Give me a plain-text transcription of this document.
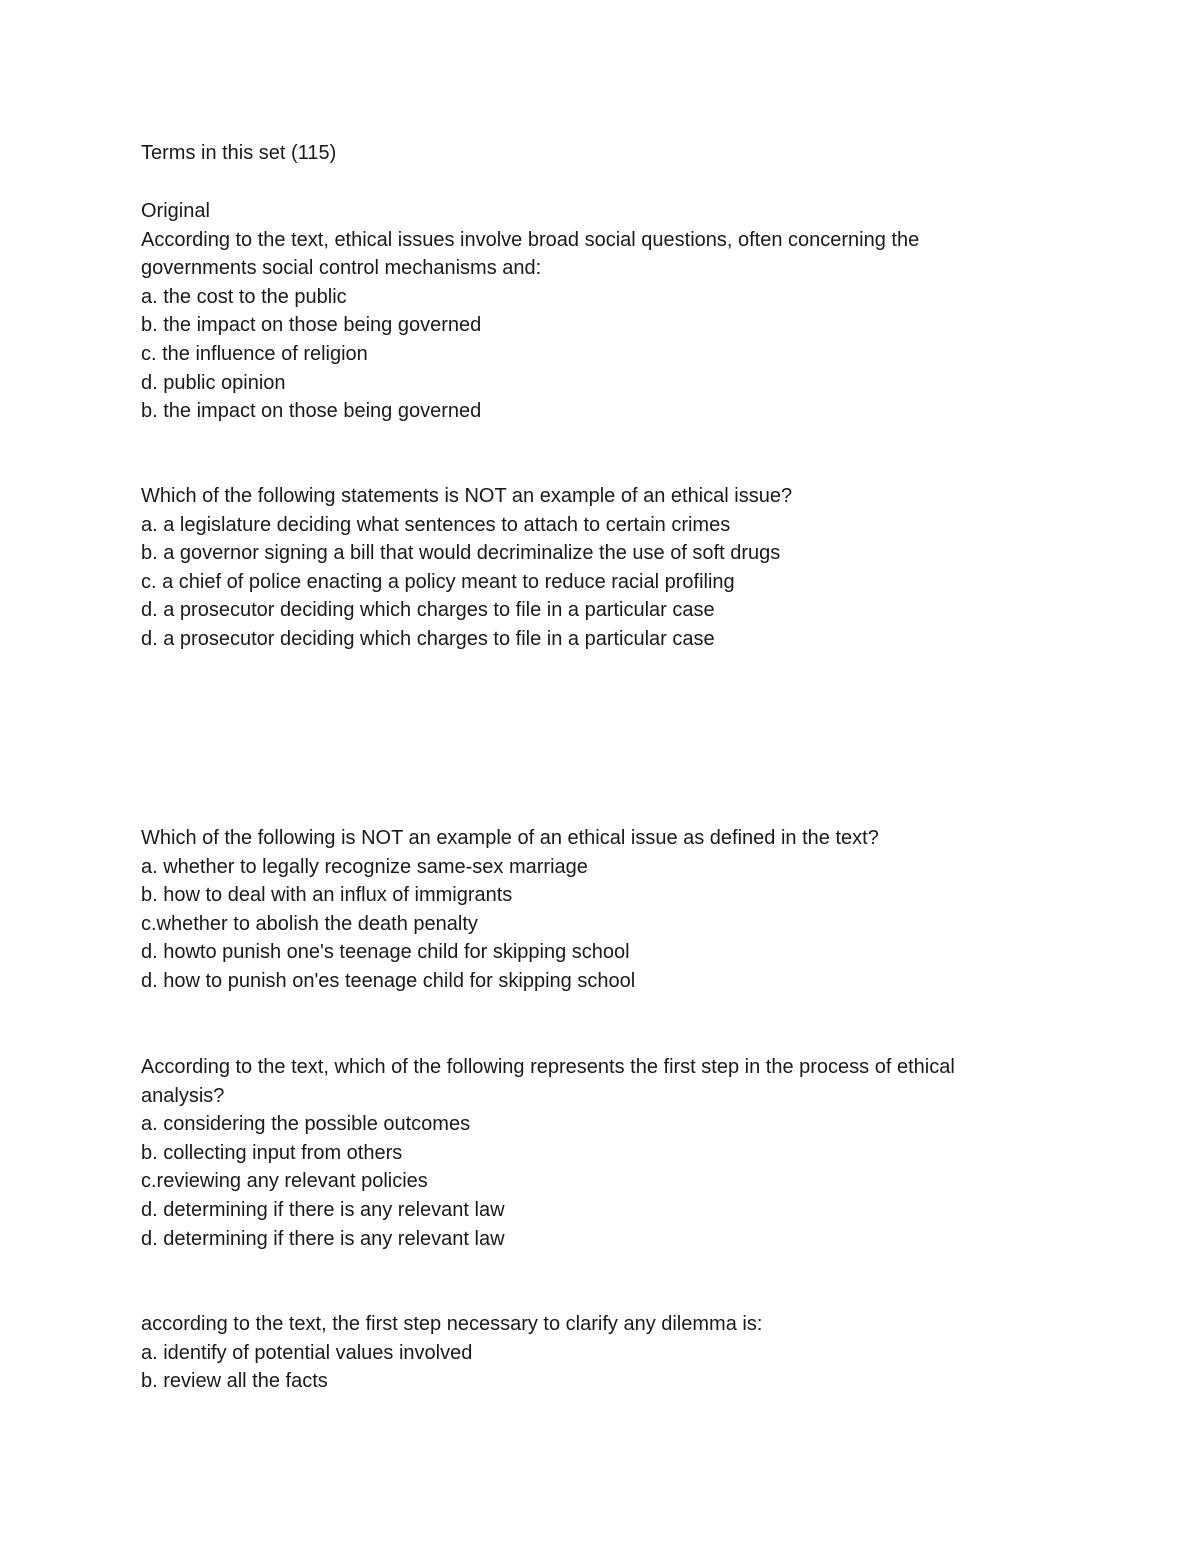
Terms in this set (115)
Original
According to the text, ethical issues involve broad social questions, often concerning the
governments social control mechanisms and:
a. the cost to the public
b. the impact on those being governed
c. the influence of religion
d. public opinion
b. the impact on those being governed
Which of the following statements is NOT an example of an ethical issue?
a. a legislature deciding what sentences to attach to certain crimes
b. a governor signing a bill that would decriminalize the use of soft drugs
c. a chief of police enacting a policy meant to reduce racial profiling
d. a prosecutor deciding which charges to file in a particular case
d. a prosecutor deciding which charges to file in a particular case
Which of the following is NOT an example of an ethical issue as defined in the text?
a. whether to legally recognize same-sex marriage
b. how to deal with an influx of immigrants
c.whether to abolish the death penalty
d. howto punish one's teenage child for skipping school
d. how to punish on'es teenage child for skipping school
According to the text, which of the following represents the first step in the process of ethical
analysis?
a. considering the possible outcomes
b. collecting input from others
c.reviewing any relevant policies
d. determining if there is any relevant law
d. determining if there is any relevant law
according to the text, the first step necessary to clarify any dilemma is:
a. identify of potential values involved
b. review all the facts
